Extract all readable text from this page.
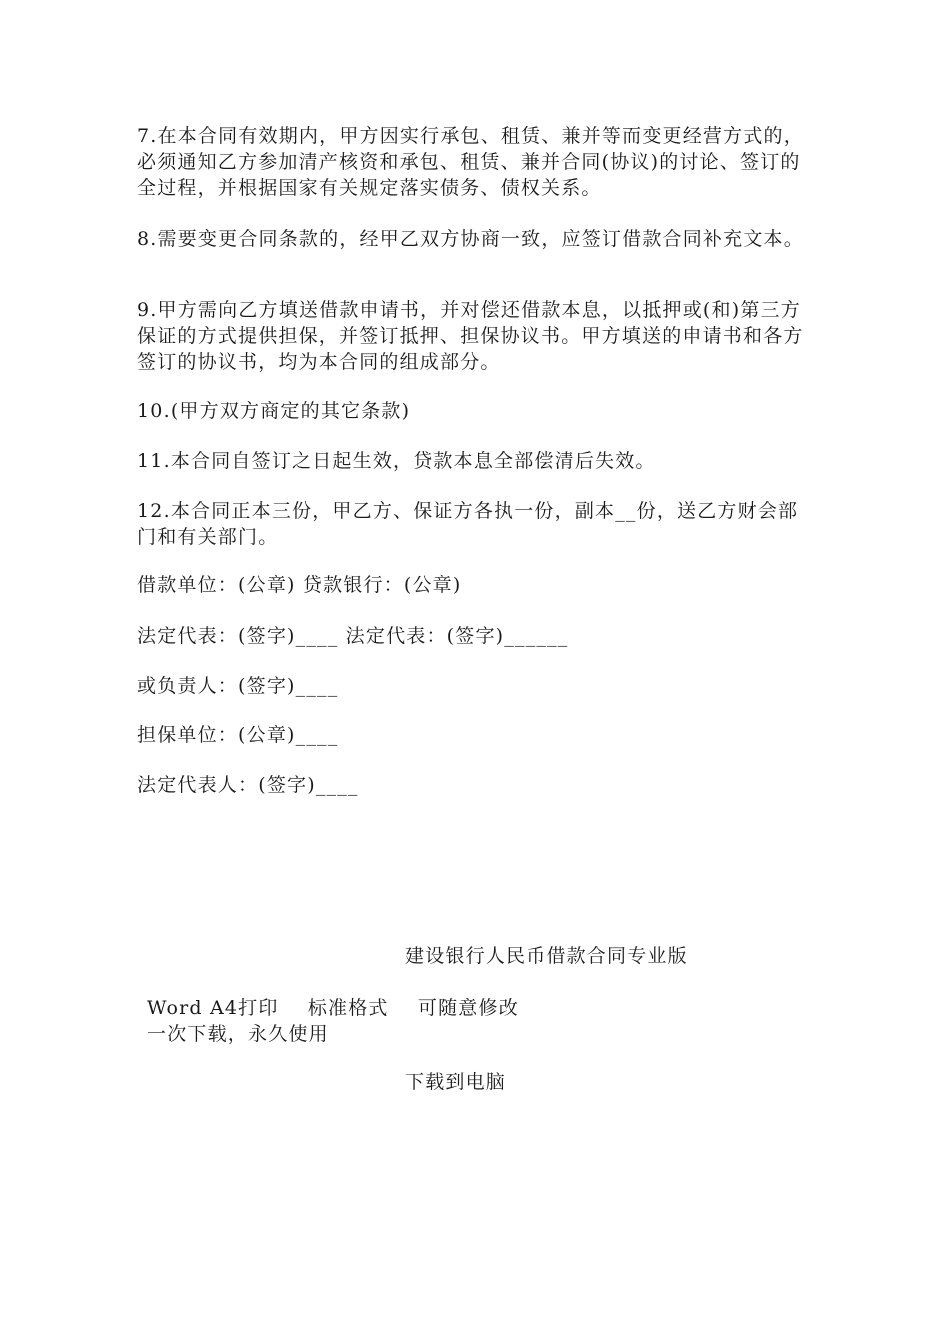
7.在本合同有效期内，甲方因实行承包、租赁、兼并等而变更经营方式的，必须通知乙方参加清产核资和承包、租赁、兼并合同(协议)的讨论、签订的全过程，并根据国家有关规定落实债务、债权关系。

8.需要变更合同条款的，经甲乙双方协商一致，应签订借款合同补充文本。

9.甲方需向乙方填送借款申请书，并对偿还借款本息，以抵押或(和)第三方保证的方式提供担保，并签订抵押、担保协议书。甲方填送的申请书和各方签订的协议书，均为本合同的组成部分。

10.(甲方双方商定的其它条款)

11.本合同自签订之日起生效，贷款本息全部偿清后失效。

12.本合同正本三份，甲乙方、保证方各执一份，副本__份，送乙方财会部门和有关部门。

借款单位：(公章) 贷款银行：(公章)

法定代表：(签字)____ 法定代表：(签字)______

或负责人：(签字)____

担保单位：(公章)____

法定代表人：(签字)____

建设银行人民币借款合同专业版
Word A4打印 标准格式 可随意修改
一次下载，永久使用
下载到电脑
